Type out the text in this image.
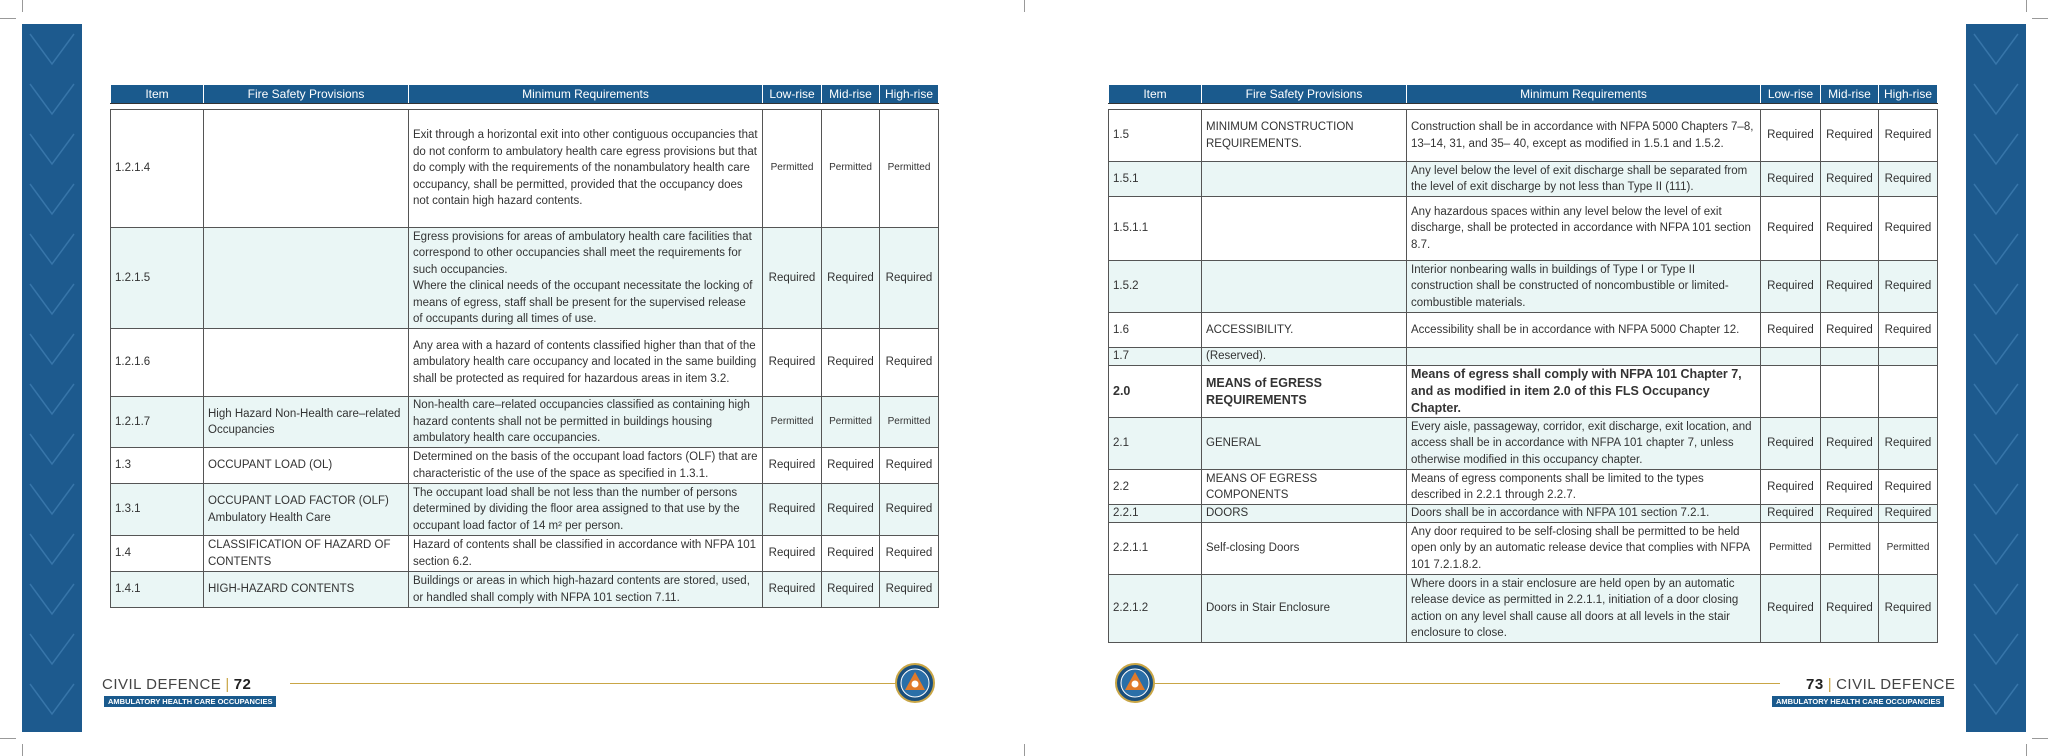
Item	Fire Safety Provisions	Minimum Requirements	Low-rise	Mid-rise	High-rise

1.2.1.4		Exit through a horizontal exit into other contiguous occupancies that do not conform to ambulatory health care egress provisions but that do comply with the requirements of the nonambulatory health care occupancy, shall be permitted, provided that the occupancy does not contain high hazard contents.	Permitted	Permitted	Permitted
1.2.1.5		Egress provisions for areas of ambulatory health care facilities that correspond to other occupancies shall meet the requirements for such occupancies.
Where the clinical needs of the occupant necessitate the locking of means of egress, staff shall be present for the supervised release of occupants during all times of use.	Required	Required	Required
1.2.1.6		Any area with a hazard of contents classified higher than that of the ambulatory health care occupancy and located in the same building shall be protected as required for hazardous areas in item 3.2.	Required	Required	Required
1.2.1.7	High Hazard Non-Health care–related Occupancies	Non-health care–related occupancies classified as containing high hazard contents shall not be permitted in buildings housing ambulatory health care occupancies.	Permitted	Permitted	Permitted
1.3	OCCUPANT LOAD (OL)	Determined on the basis of the occupant load factors (OLF) that are characteristic of the use of the space as specified in 1.3.1.	Required	Required	Required
1.3.1	OCCUPANT LOAD FACTOR (OLF)
Ambulatory Health Care	The occupant load shall be not less than the number of persons determined by dividing the floor area assigned to that use by the occupant load factor of 14 m² per person.	Required	Required	Required
1.4	CLASSIFICATION OF HAZARD OF CONTENTS	Hazard of contents shall be classified in accordance with NFPA 101 section 6.2.	Required	Required	Required
1.4.1	HIGH-HAZARD CONTENTS	Buildings or areas in which high-hazard contents are stored, used, or handled shall comply with NFPA 101 section 7.11.	Required	Required	Required
CIVIL DEFENCE | 72
AMBULATORY HEALTH CARE OCCUPANCIES
Item	Fire Safety Provisions	Minimum Requirements	Low-rise	Mid-rise	High-rise

1.5	MINIMUM CONSTRUCTION REQUIREMENTS.	Construction shall be in accordance with NFPA 5000 Chapters 7–8, 13–14, 31, and 35– 40, except as modified in 1.5.1 and 1.5.2.	Required	Required	Required
1.5.1		Any level below the level of exit discharge shall be separated from the level of exit discharge by not less than Type II (111).	Required	Required	Required
1.5.1.1		Any hazardous spaces within any level below the level of exit discharge, shall be protected in accordance with NFPA 101 section 8.7.	Required	Required	Required
1.5.2		Interior nonbearing walls in buildings of Type I or Type II construction shall be constructed of noncombustible or limited-combustible materials.	Required	Required	Required
1.6	ACCESSIBILITY.	Accessibility shall be in accordance with NFPA 5000 Chapter 12.	Required	Required	Required
1.7	(Reserved).				
2.0	MEANS of EGRESS REQUIREMENTS	Means of egress shall comply with NFPA 101 Chapter 7, and as modified in item 2.0 of this FLS Occupancy Chapter.			
2.1	GENERAL	Every aisle, passageway, corridor, exit discharge, exit location, and access shall be in accordance with NFPA 101 chapter 7, unless otherwise modified in this occupancy chapter.	Required	Required	Required
2.2	MEANS OF EGRESS COMPONENTS	Means of egress components shall be limited to the types described in 2.2.1 through 2.2.7.	Required	Required	Required
2.2.1	DOORS	Doors shall be in accordance with NFPA 101 section 7.2.1.	Required	Required	Required
2.2.1.1	Self-closing Doors	Any door required to be self-closing shall be permitted to be held open only by an automatic release device that complies with NFPA 101 7.2.1.8.2.	Permitted	Permitted	Permitted
2.2.1.2	Doors in Stair Enclosure	Where doors in a stair enclosure are held open by an automatic release device as permitted in 2.2.1.1, initiation of a door closing action on any level shall cause all doors at all levels in the stair enclosure to close.	Required	Required	Required
73 | CIVIL DEFENCE
AMBULATORY HEALTH CARE OCCUPANCIES
